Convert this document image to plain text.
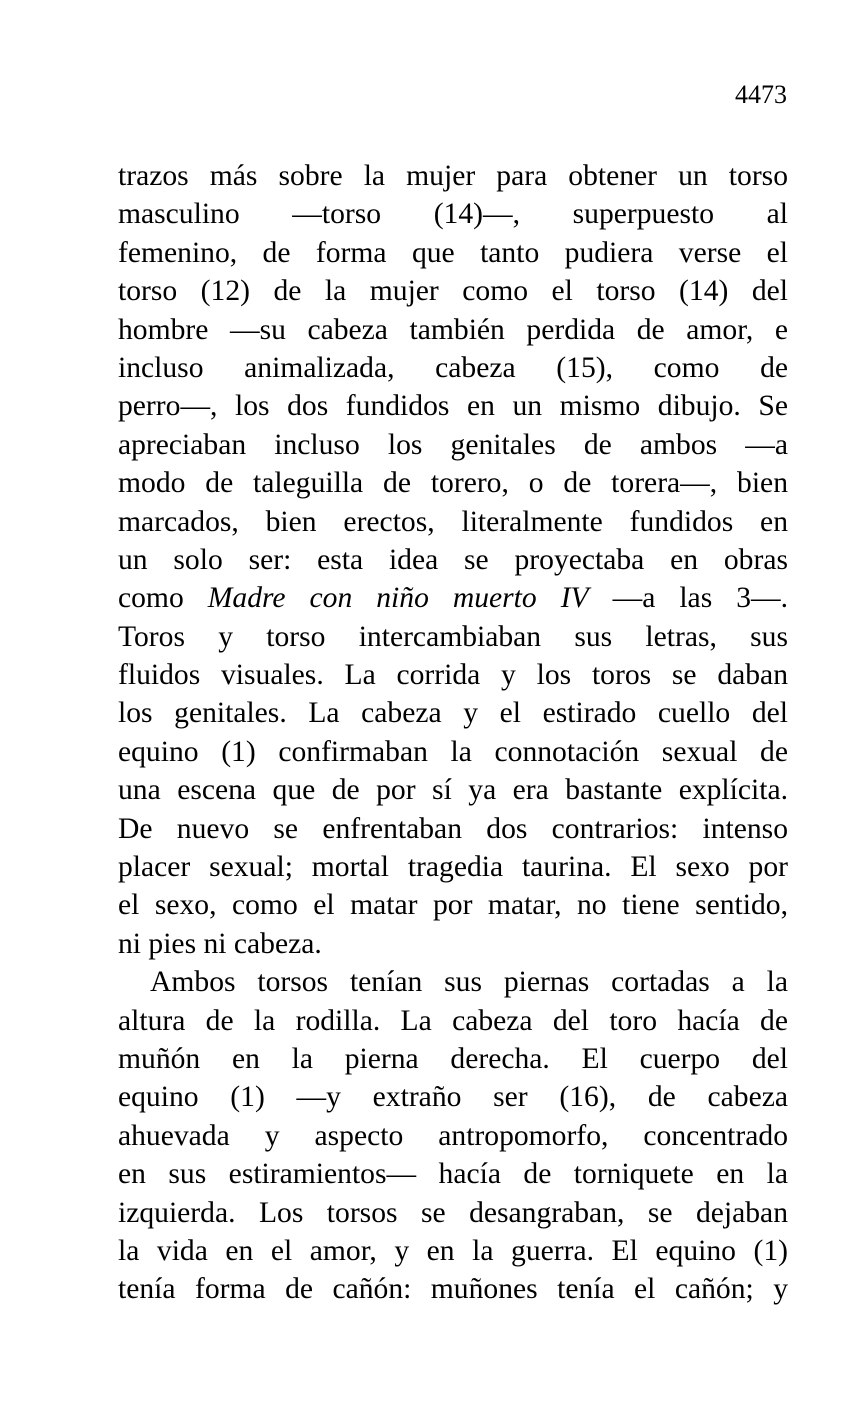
4473

trazos más sobre la mujer para obtener un torso
masculino —torso (14)—, superpuesto al
femenino, de forma que tanto pudiera verse el
torso (12) de la mujer como el torso (14) del
hombre —su cabeza también perdida de amor, e
incluso animalizada, cabeza (15), como de
perro—, los dos fundidos en un mismo dibujo. Se
apreciaban incluso los genitales de ambos —a
modo de taleguilla de torero, o de torera—, bien
marcados, bien erectos, literalmente fundidos en
un solo ser: esta idea se proyectaba en obras
como Madre con niño muerto IV —a las 3—.
Toros y torso intercambiaban sus letras, sus
fluidos visuales. La corrida y los toros se daban
los genitales. La cabeza y el estirado cuello del
equino (1) confirmaban la connotación sexual de
una escena que de por sí ya era bastante explícita.
De nuevo se enfrentaban dos contrarios: intenso
placer sexual; mortal tragedia taurina. El sexo por
el sexo, como el matar por matar, no tiene sentido,
ni pies ni cabeza.

Ambos torsos tenían sus piernas cortadas a la
altura de la rodilla. La cabeza del toro hacía de
muñón en la pierna derecha. El cuerpo del
equino (1) —y extraño ser (16), de cabeza
ahuevada y aspecto antropomorfo, concentrado
en sus estiramientos— hacía de torniquete en la
izquierda. Los torsos se desangraban, se dejaban
la vida en el amor, y en la guerra. El equino (1)
tenía forma de cañón: muñones tenía el cañón; y
